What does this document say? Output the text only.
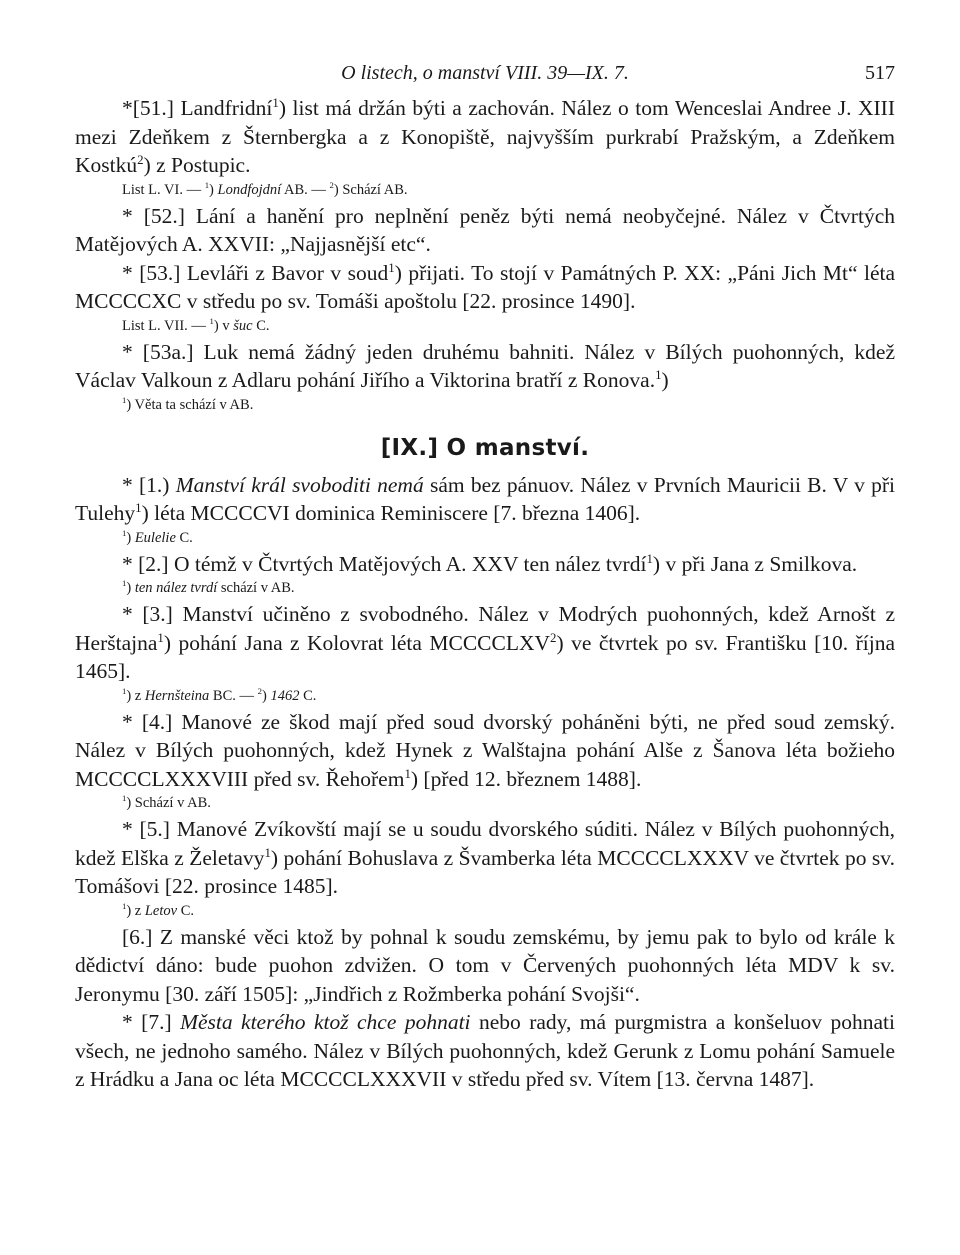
O listech, o manství VIII. 39—IX. 7.	517

*[51.] Landfridní$^1$) list má držán býti a zachován. Nález o tom Wenceslai Andree J. XIII mezi Zdeňkem z Šternbergka a z Konopiště, najvyšším purkrabí Pražským, a Zdeňkem Kostkú$^2$) z Postupic.

List L. VI. — $^1$) Londfojdní AB. — $^2$) Schází AB.

* [52.] Lání a hanění pro neplnění peněz býti nemá neobyčejné. Nález v Čtvrtých Matějových A. XXVII: „Najjasnější etc“.

* [53.] Levláři z Bavor v soud$^1$) přijati. To stojí v Památných P. XX: „Páni Jich Mt“ léta MCCCCXC v středu po sv. Tomáši apoštolu [22. prosince 1490].

List L. VII. — $^1$) v šuc C.

* [53a.] Luk nemá žádný jeden druhému bahniti. Nález v Bílých puohonných, kdež Václav Valkoun z Adlaru pohání Jiřího a Viktorina bratří z Ronova.$^1$)

$^1$) Věta ta schází v AB.

[IX.] O manství.

* [1.) Manství král svoboditi nemá sám bez pánuov. Nález v Prvních Mauricii B. V v při Tulehy$^1$) léta MCCCCVI dominica Reminiscere [7. března 1406].

$^1$) Eulelie C.

* [2.] O témž v Čtvrtých Matějových A. XXV ten nález tvrdí$^1$) v při Jana z Smilkova.

$^1$) ten nález tvrdí schází v AB.

* [3.] Manství učiněno z svobodného. Nález v Modrých puohonných, kdež Arnošt z Herštajna$^1$) pohání Jana z Kolovrat léta MCCCCLXV$^2$) ve čtvrtek po sv. Františku [10. října 1465].

$^1$) z Hernšteina BC. — $^2$) 1462 C.

* [4.] Manové ze škod mají před soud dvorský poháněni býti, ne před soud zemský. Nález v Bílých puohonných, kdež Hynek z Walštajna pohání Alše z Šanova léta božieho MCCCCLXXXVIII před sv. Řehořem$^1$) [před 12. březnem 1488].

$^1$) Schází v AB.

* [5.] Manové Zvíkovští mají se u soudu dvorského súditi. Nález v Bílých puohonných, kdež Elška z Želetavy$^1$) pohání Bohuslava z Švamberka léta MCCCCLXXXV ve čtvrtek po sv. Tomášovi [22. prosince 1485].

$^1$) z Letov C.

[6.] Z manské věci ktož by pohnal k soudu zemskému, by jemu pak to bylo od krále k dědictví dáno: bude puohon zdvižen. O tom v Červených puohonných léta MDV k sv. Jeronymu [30. září 1505]: „Jindřich z Rožmberka pohání Svojši“.

* [7.] Města kterého ktož chce pohnati nebo rady, má purgmistra a konšeluov pohnati všech, ne jednoho samého. Nález v Bílých puohonných, kdež Gerunk z Lomu pohání Samuele z Hrádku a Jana oc léta MCCCCLXXXVII v středu před sv. Vítem [13. června 1487].
